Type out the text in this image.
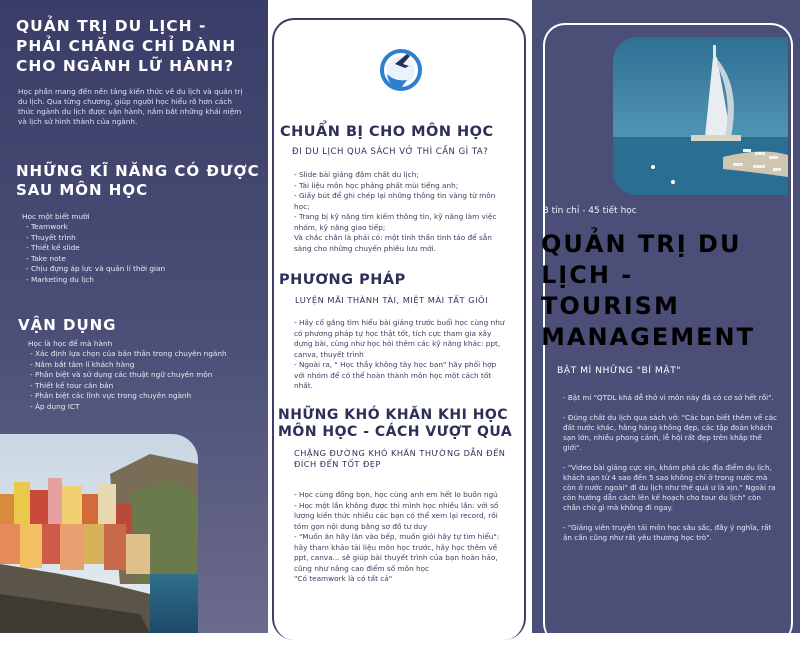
QUẢN TRỊ DU LỊCH - PHẢI CHĂNG CHỈ DÀNH CHO NGÀNH LỮ HÀNH?
Học phần mang đến nền tảng kiến thức về du lịch và quản trị du lịch. Qua từng chương, giúp người học hiểu rõ hơn cách thức ngành du lịch được vận hành, nắm bắt những khái niệm và lịch sử hình thành của ngành.
NHỮNG KĨ NĂNG CÓ ĐƯỢC SAU MÔN HỌC
Học một biết mười
- Teamwork
- Thuyết trình
- Thiết kế slide
- Take note
- Chịu đựng áp lực và quản lí thời gian
- Marketing du lịch
VẬN DỤNG
Học là học để mà hành
- Xác định lựa chọn của bản thân trong chuyên ngành
- Nắm bắt tâm lí khách hàng
- Phân biệt và sử dụng các thuật ngữ chuyên môn
- Thiết kế tour căn bản
- Phân biệt các lĩnh vực trong chuyên ngành
- Áp dụng ICT
CHUẨN BỊ CHO MÔN HỌC
ĐI DU LỊCH QUA SÁCH VỞ THÌ CẦN GÌ TA?
- Slide bài giảng đậm chất du lịch;
- Tài liệu môn học phảng phất mùi tiếng anh;
- Giấy bút để ghi chép lại những thông tin vàng từ môn học;
- Trang bị kỹ năng tìm kiếm thông tin, kỹ năng làm việc nhóm, kỹ năng giao tiếp;
Và chắc chắn là phải có: một tinh thần tinh tảo để sẵn sàng cho những chuyến phiêu lưu mới.
PHƯƠNG PHÁP
LUYỆN MÃI THÀNH TÀI, MIỆT MÀI TẤT GIỎI
- Hãy cố gắng tìm hiểu bài giảng trước buổi học cùng như có phương pháp tự học thật tốt, tích cực tham gia xây dựng bài, cùng như học hỏi thêm các kỹ năng khác: ppt, canva, thuyết trình
- Ngoài ra, " Học thầy không tày học bạn" hãy phối hợp với nhóm để có thể hoàn thành môn học một cách tốt nhất.
NHỮNG KHÓ KHĂN KHI HỌC MÔN HỌC - CÁCH VƯỢT QUA
CHẶNG ĐƯỜNG KHÓ KHĂN THƯỜNG DẪN ĐẾN ĐÍCH ĐẾN TỐT ĐẸP
- Học cùng đồng bọn, học cùng anh em hết lo buồn ngủ
- Học một lần không được thì mình học nhiều lần: với số lượng kiến thức nhiều các bạn có thể xem lại record, rồi tóm gọn nội dung bằng sơ đồ tư duy
- "Muốn ăn hãy lăn vào bếp, muốn giỏi hãy tự tìm hiểu": hãy tham khảo tài liệu môn học trước, hãy học thêm về ppt, canva... sẽ giúp bài thuyết trình của bạn hoàn hảo, cũng như nâng cao điểm số môn học
"Có teamwork là có tất cả"
3 tín chỉ - 45 tiết học
QUẢN TRỊ DU LỊCH - TOURISM MANAGEMENT
BẬT MÍ NHỮNG "BÍ MẬT"
- Bật mí "QTDL khá dễ thở vì môn này đã có cơ sở hết rồi".
- Đúng chất du lịch qua sách vở: "Các bạn biết thêm về các đất nước khác, hằng hàng không đẹp, các tập đoàn khách sạn lớn, nhiều phong cảnh, lễ hội rất đẹp trên khắp thế giới".
- "Video bài giảng cực xịn, khám phá các địa điểm du lịch, khách sạn từ 4 sao đến 5 sao không chỉ ở trong nước mà còn ở nước ngoài" đi du lịch như thế quá ư là xịn." Ngoài ra còn hướng dẫn cách lên kế hoạch cho tour du lịch" còn chần chừ gì mà không đi ngay.
- "Giảng viên truyền tải môn học sâu sắc, đầy ý nghĩa, rất ân cần cũng như rất yêu thương học trò".
